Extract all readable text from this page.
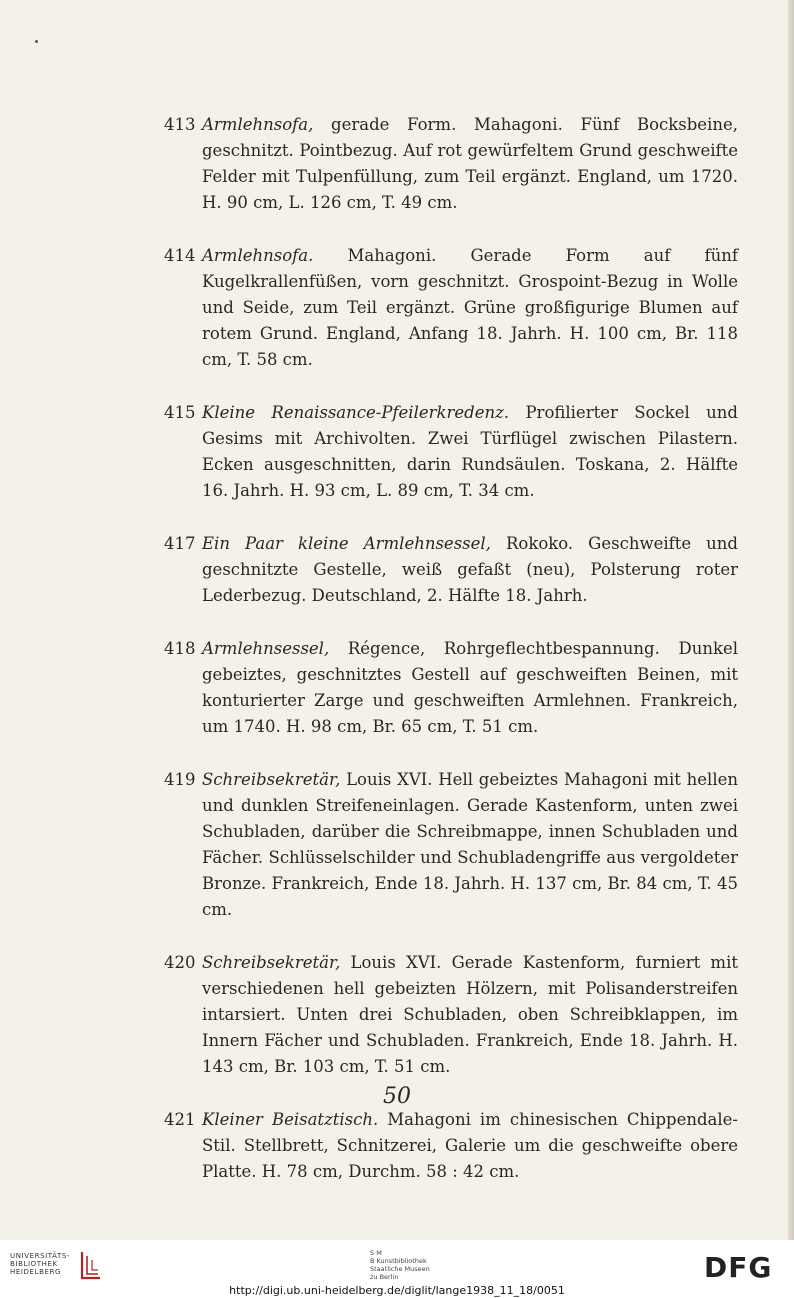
413 Armlehnsofa, gerade Form. Mahagoni. Fünf Bocksbeine, geschnitzt. Pointbezug. Auf rot gewürfeltem Grund geschweifte Felder mit Tulpenfüllung, zum Teil ergänzt. England, um 1720. H. 90 cm, L. 126 cm, T. 49 cm.
414 Armlehnsofa. Mahagoni. Gerade Form auf fünf Kugelkrallenfüßen, vorn geschnitzt. Grospoint-Bezug in Wolle und Seide, zum Teil ergänzt. Grüne großfigurige Blumen auf rotem Grund. England, Anfang 18. Jahrh. H. 100 cm, Br. 118 cm, T. 58 cm.
415 Kleine Renaissance-Pfeilerkredenz. Profilierter Sockel und Gesims mit Archivolten. Zwei Türflügel zwischen Pilastern. Ecken ausgeschnitten, darin Rundsäulen. Toskana, 2. Hälfte 16. Jahrh. H. 93 cm, L. 89 cm, T. 34 cm.
417 Ein Paar kleine Armlehnsessel, Rokoko. Geschweifte und geschnitzte Gestelle, weiß gefaßt (neu), Polsterung roter Lederbezug. Deutschland, 2. Hälfte 18. Jahrh.
418 Armlehnsessel, Régence, Rohrgeflechtbespannung. Dunkel gebeiztes, geschnitztes Gestell auf geschweiften Beinen, mit konturierter Zarge und geschweiften Armlehnen. Frankreich, um 1740. H. 98 cm, Br. 65 cm, T. 51 cm.
419 Schreibsekretär, Louis XVI. Hell gebeiztes Mahagoni mit hellen und dunklen Streifeneinlagen. Gerade Kastenform, unten zwei Schubladen, darüber die Schreibmappe, innen Schubladen und Fächer. Schlüsselschilder und Schubladengriffe aus vergoldeter Bronze. Frankreich, Ende 18. Jahrh. H. 137 cm, Br. 84 cm, T. 45 cm.
420 Schreibsekretär, Louis XVI. Gerade Kastenform, furniert mit verschiedenen hell gebeizten Hölzern, mit Polisanderstreifen intarsiert. Unten drei Schubladen, oben Schreibklappen, im Innern Fächer und Schubladen. Frankreich, Ende 18. Jahrh. H. 143 cm, Br. 103 cm, T. 51 cm.
421 Kleiner Beisatztisch. Mahagoni im chinesischen Chippendale-Stil. Stellbrett, Schnitzerei, Galerie um die geschweifte obere Platte. H. 78 cm, Durchm. 58 : 42 cm.
50
UNIVERSITÄTS-
BIBLIOTHEK
HEIDELBERG
S M
B Kunstbibliothek
Staatliche Museen
zu Berlin
http://digi.ub.uni-heidelberg.de/diglit/lange1938_11_18/0051
DFG
